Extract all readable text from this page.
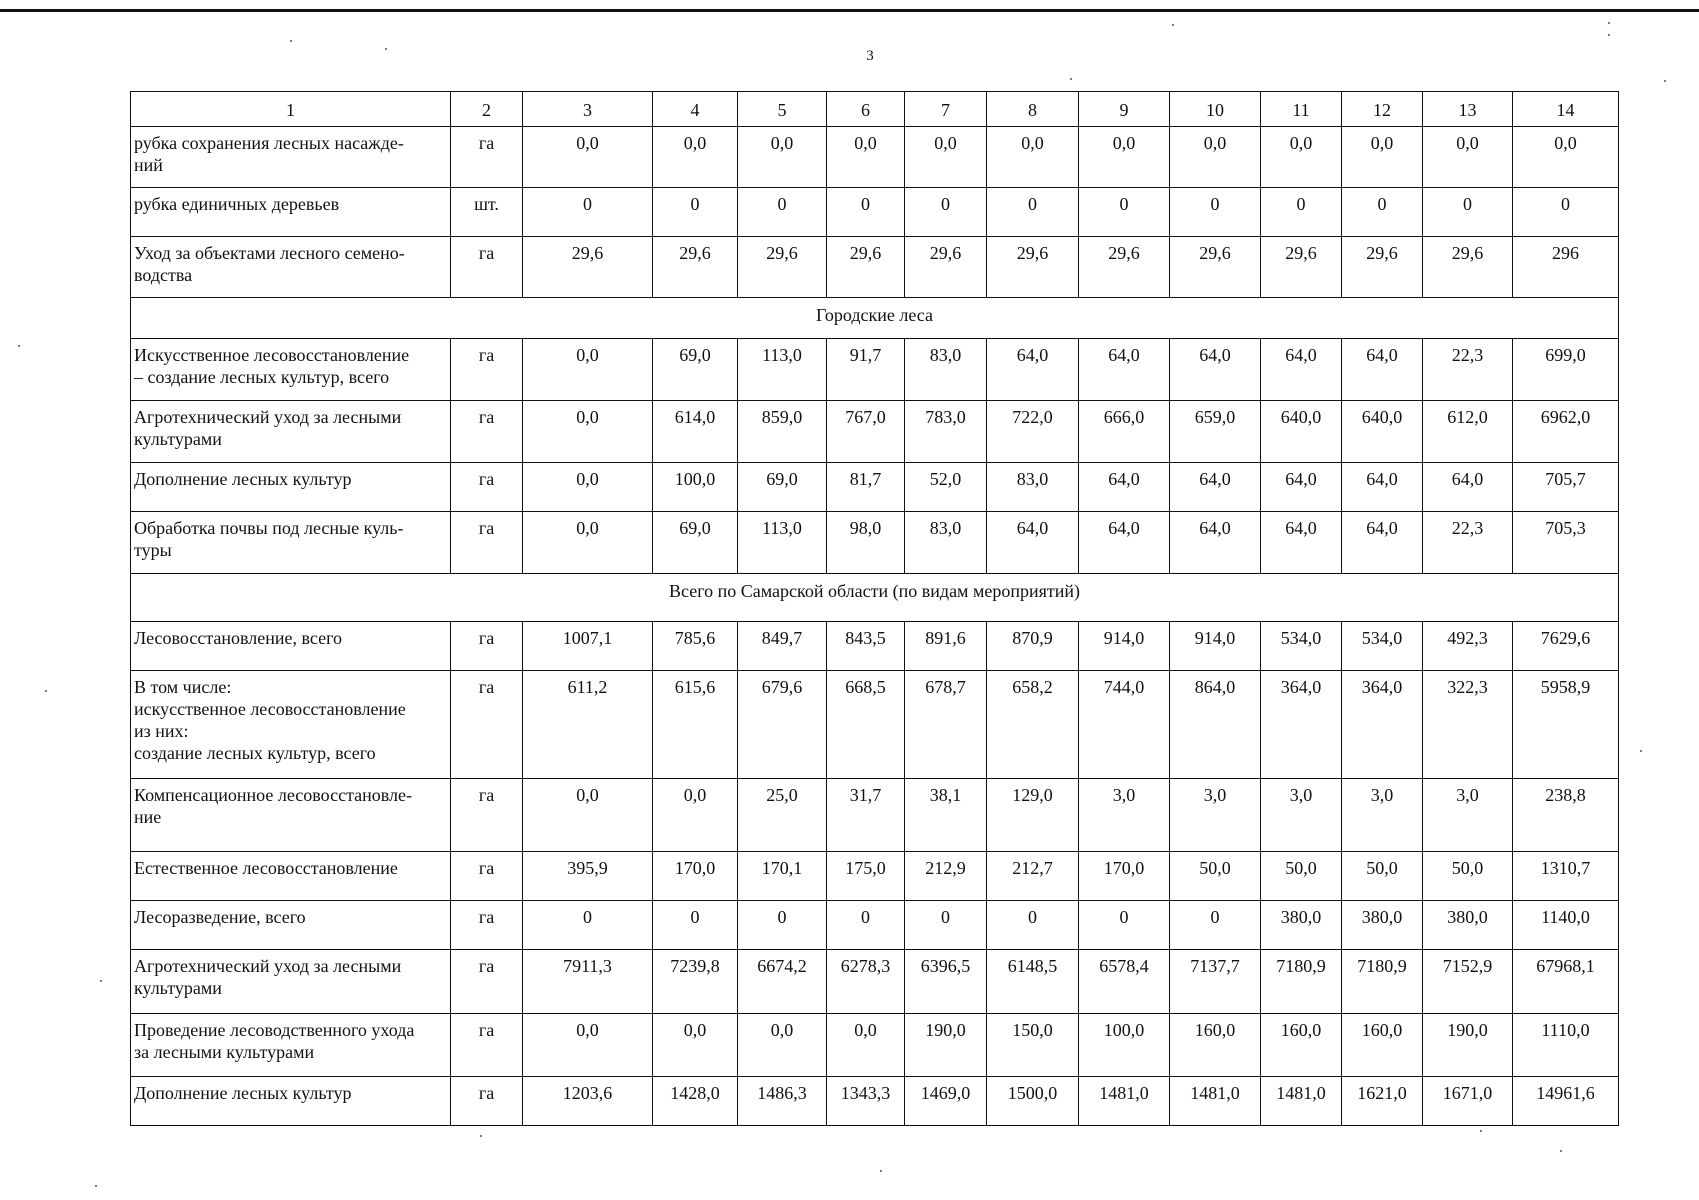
3
1	2	3	4	5	6	7	8	9	10	11	12	13	14

рубка сохранения лесных насажде-
ний	га	0,0	0,0	0,0	0,0	0,0	0,0	0,0	0,0	0,0	0,0	0,0	0,0

рубка единичных деревьев	шт.	0	0	0	0	0	0	0	0	0	0	0	0

Уход за объектами лесного семено-
водства	га	29,6	29,6	29,6	29,6	29,6	29,6	29,6	29,6	29,6	29,6	29,6	296

Городские леса													

Искусственное лесовосстановление
– создание лесных культур, всего	га	0,0	69,0	113,0	91,7	83,0	64,0	64,0	64,0	64,0	64,0	22,3	699,0

Агротехнический уход за лесными
культурами	га	0,0	614,0	859,0	767,0	783,0	722,0	666,0	659,0	640,0	640,0	612,0	6962,0

Дополнение лесных культур	га	0,0	100,0	69,0	81,7	52,0	83,0	64,0	64,0	64,0	64,0	64,0	705,7

Обработка почвы под лесные куль-
туры	га	0,0	69,0	113,0	98,0	83,0	64,0	64,0	64,0	64,0	64,0	22,3	705,3

Всего по Самарской области (по видам мероприятий)													

Лесовосстановление, всего	га	1007,1	785,6	849,7	843,5	891,6	870,9	914,0	914,0	534,0	534,0	492,3	7629,6

В том числе:
искусственное лесовосстановление
из них:
создание лесных культур, всего	га	611,2	615,6	679,6	668,5	678,7	658,2	744,0	864,0	364,0	364,0	322,3	5958,9

Компенсационное лесовосстановле-
ние	га	0,0	0,0	25,0	31,7	38,1	129,0	3,0	3,0	3,0	3,0	3,0	238,8

Естественное лесовосстановление	га	395,9	170,0	170,1	175,0	212,9	212,7	170,0	50,0	50,0	50,0	50,0	1310,7

Лесоразведение, всего	га	0	0	0	0	0	0	0	0	380,0	380,0	380,0	1140,0

Агротехнический уход за лесными
культурами	га	7911,3	7239,8	6674,2	6278,3	6396,5	6148,5	6578,4	7137,7	7180,9	7180,9	7152,9	67968,1

Проведение лесоводственного ухода
за лесными культурами	га	0,0	0,0	0,0	0,0	190,0	150,0	100,0	160,0	160,0	160,0	190,0	1110,0

Дополнение лесных культур	га	1203,6	1428,0	1486,3	1343,3	1469,0	1500,0	1481,0	1481,0	1481,0	1621,0	1671,0	14961,6
